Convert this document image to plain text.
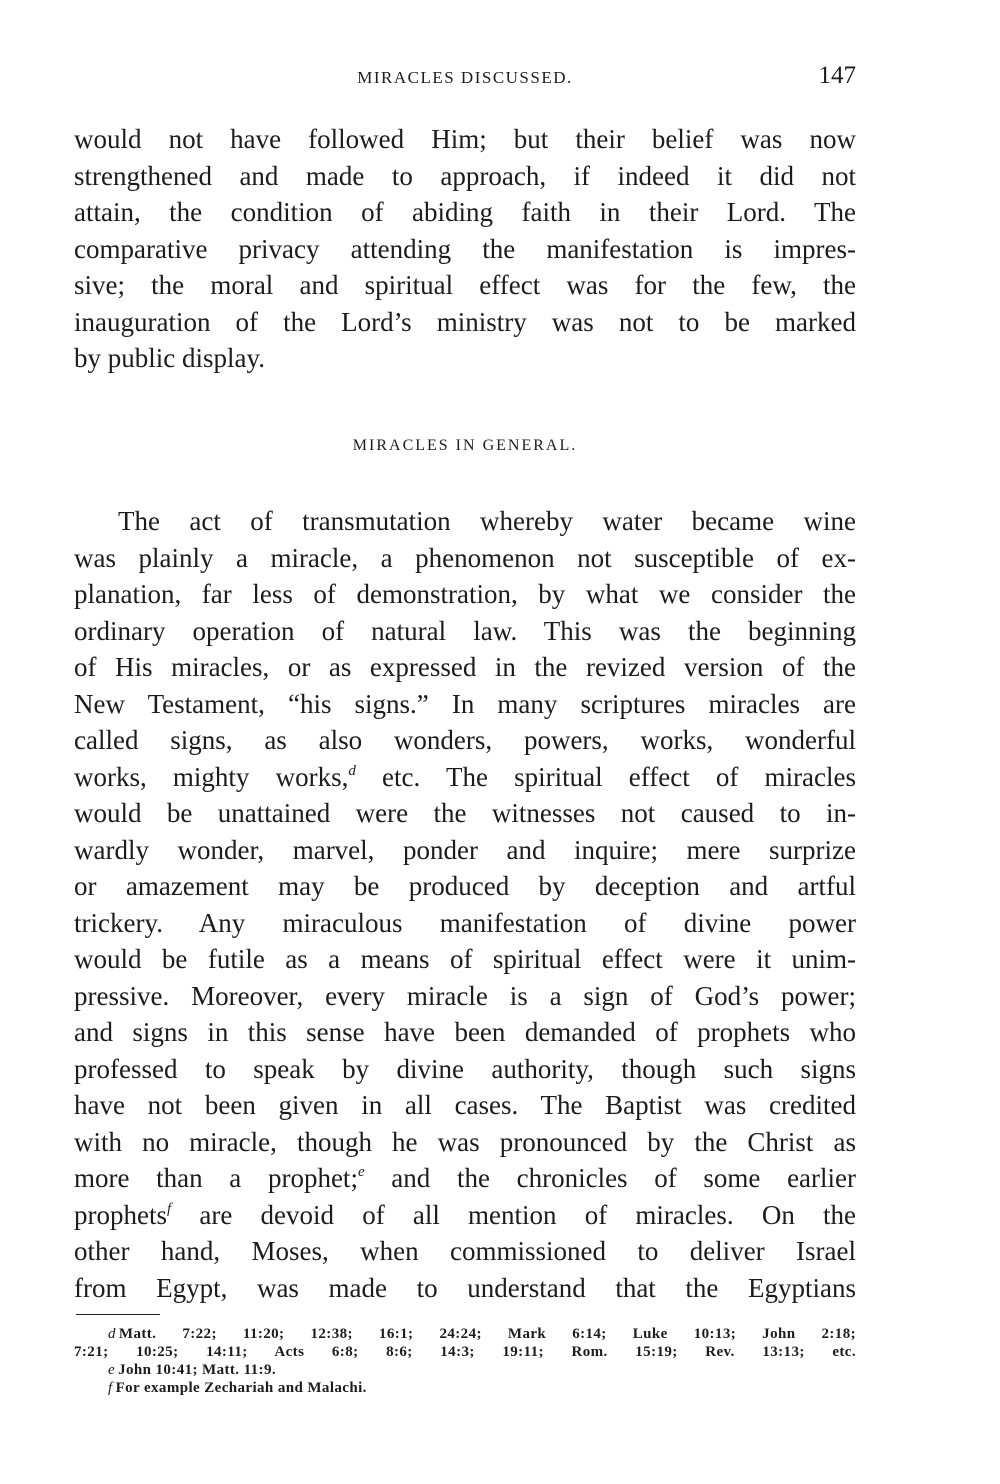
MIRACLES DISCUSSED.	147
would not have followed Him; but their belief was now
strengthened and made to approach, if indeed it did not
attain, the condition of abiding faith in their Lord. The
comparative privacy attending the manifestation is impres-
sive; the moral and spiritual effect was for the few, the
inauguration of the Lord’s ministry was not to be marked
by public display.
MIRACLES IN GENERAL.
The act of transmutation whereby water became wine
was plainly a miracle, a phenomenon not susceptible of ex-
planation, far less of demonstration, by what we consider the
ordinary operation of natural law. This was the beginning
of His miracles, or as expressed in the revized version of the
New Testament, “his signs.” In many scriptures miracles are
called signs, as also wonders, powers, works, wonderful
works, mighty works,$^d$ etc. The spiritual effect of miracles
would be unattained were the witnesses not caused to in-
wardly wonder, marvel, ponder and inquire; mere surprize
or amazement may be produced by deception and artful
trickery. Any miraculous manifestation of divine power
would be futile as a means of spiritual effect were it unim-
pressive. Moreover, every miracle is a sign of God’s power;
and signs in this sense have been demanded of prophets who
professed to speak by divine authority, though such signs
have not been given in all cases. The Baptist was credited
with no miracle, though he was pronounced by the Christ as
more than a prophet;$^e$ and the chronicles of some earlier
prophets$^f$ are devoid of all mention of miracles. On the
other hand, Moses, when commissioned to deliver Israel
from Egypt, was made to understand that the Egyptians
d Matt. 7:22; 11:20; 12:38; 16:1; 24:24; Mark 6:14; Luke 10:13; John 2:18;
7:21; 10:25; 14:11; Acts 6:8; 8:6; 14:3; 19:11; Rom. 15:19; Rev. 13:13; etc.
e John 10:41; Matt. 11:9.
f For example Zechariah and Malachi.
